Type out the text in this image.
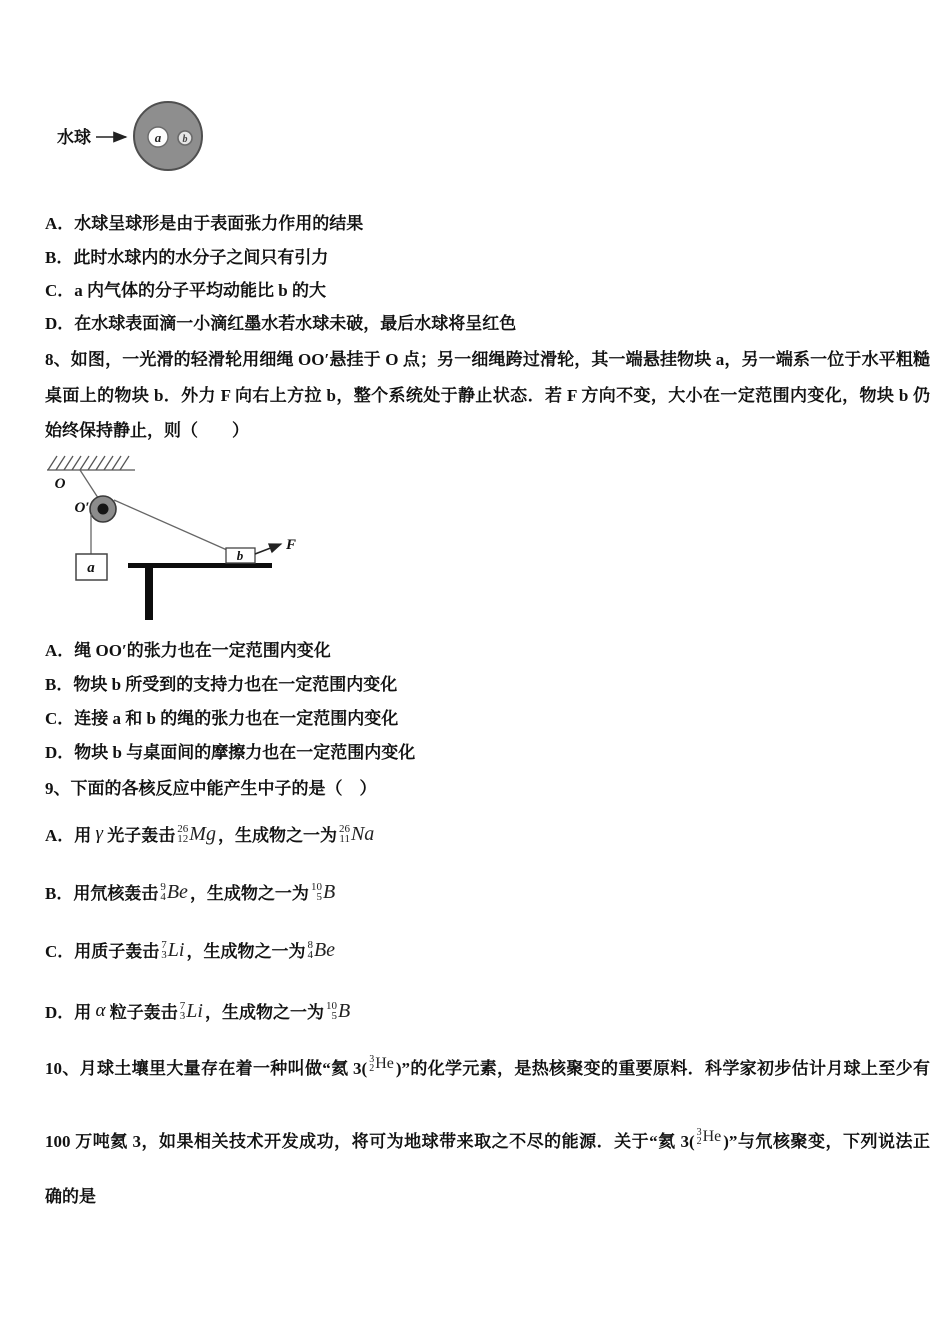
水球	a b
A．水球呈球形是由于表面张力作用的结果
B．此时水球内的水分子之间只有引力
C．a 内气体的分子平均动能比 b 的大
D．在水球表面滴一小滴红墨水若水球未破，最后水球将呈红色
8、如图，一光滑的轻滑轮用细绳 OO′悬挂于 O 点；另一细绳跨过滑轮，其一端悬挂物块 a，另一端系一位于水平粗糙
桌面上的物块 b．外力 F 向右上方拉 b，整个系统处于静止状态．若 F 方向不变，大小在一定范围内变化，物块 b 仍
始终保持静止，则（　　）
O
O′
a
b
F
A．绳 OO′的张力也在一定范围内变化
B．物块 b 所受到的支持力也在一定范围内变化
C．连接 a 和 b 的绳的张力也在一定范围内变化
D．物块 b 与桌面间的摩擦力也在一定范围内变化
9、下面的各核反应中能产生中子的是（　）
A．用 γ 光子轰击 26
12 Mg ，生成物之一为 26
11 Na
B．用氘核轰击 9
4 Be ，生成物之一为 10
5 B
C．用质子轰击 7
3 Li ，生成物之一为 8
4 Be
D．用 α 粒子轰击 7
3 Li ，生成物之一为 10
5 B
10、月球土壤里大量存在着一种叫做“氦 3( 3
2 He )”的化学元素，是热核聚变的重要原料．科学家初步估计月球上至少有
100 万吨氦 3，如果相关技术开发成功，将可为地球带来取之不尽的能源．关于“氦 3( 3
2 He )”与氘核聚变，下列说法正
确的是
